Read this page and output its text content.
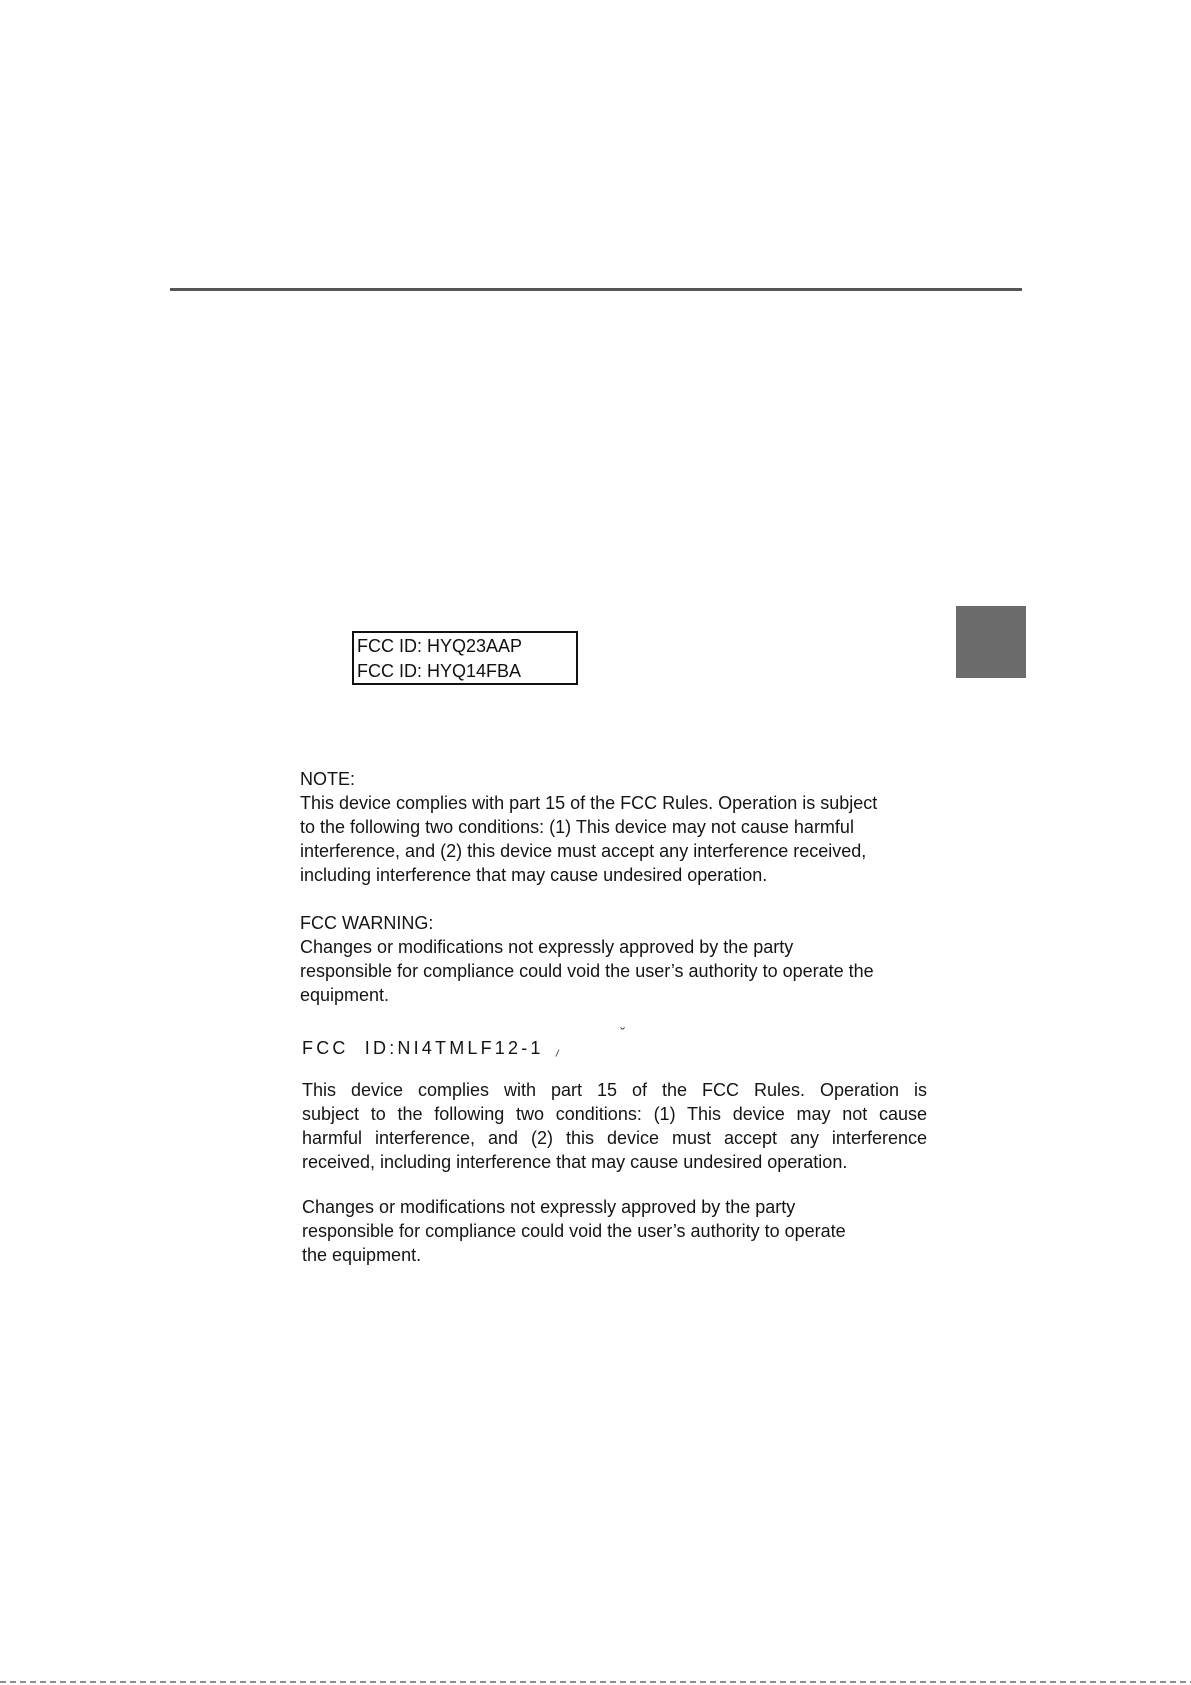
FCC ID: HYQ23AAP
FCC ID: HYQ14FBA

NOTE:

This device complies with part 15 of the FCC Rules. Operation is subject

to the following two conditions: (1) This device may not cause harmful

interference, and (2) this device must accept any interference received,

including interference that may cause undesired operation.

FCC WARNING:

Changes or modifications not expressly approved by the party

responsible for compliance could void the user’s authority to operate the

equipment.

FCC ID:NI4TMLF12-1 ⸝
ˇ

This device complies with part 15 of the FCC Rules. Operation is

subject to the following two conditions: (1) This device may not cause

harmful interference, and (2) this device must accept any interference

received, including interference that may cause undesired operation.

Changes or modifications not expressly approved by the party

responsible for compliance could void the user’s authority to operate

the equipment.
